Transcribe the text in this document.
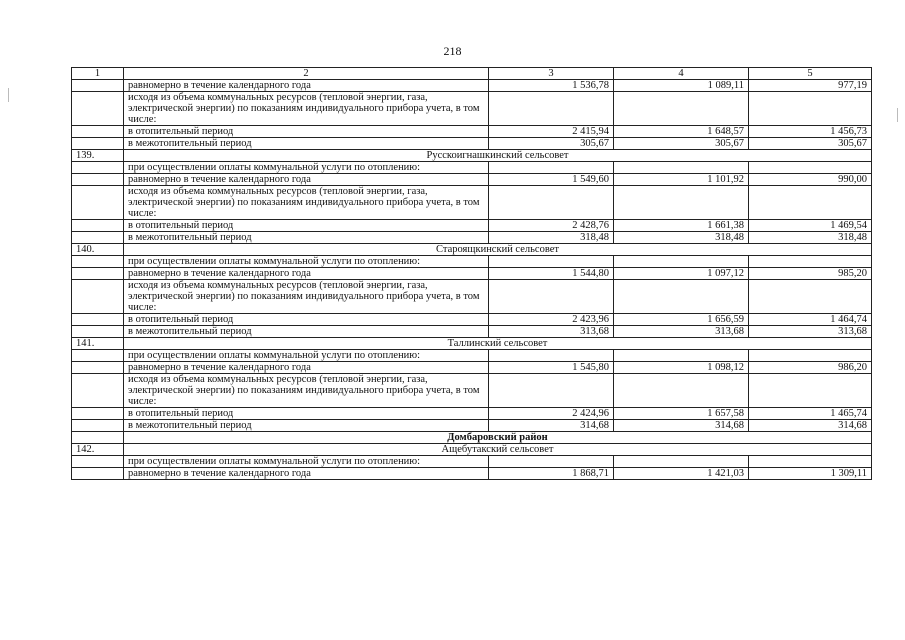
218
1	2	3	4	5
	равномерно в течение календарного года	1 536,78	1 089,11	977,19
	исходя из объема коммунальных ресурсов (тепловой энергии, газа, электрической энергии) по показаниям индивидуального прибора учета, в том числе:			
	в отопительный период	2 415,94	1 648,57	1 456,73
	в межотопительный период	305,67	305,67	305,67
139.	Русскоигнашкинский сельсовет			
	при осуществлении оплаты коммунальной услуги по отоплению:			
	равномерно в течение календарного года	1 549,60	1 101,92	990,00
	исходя из объема коммунальных ресурсов (тепловой энергии, газа, электрической энергии) по показаниям индивидуального прибора учета, в том числе:			
	в отопительный период	2 428,76	1 661,38	1 469,54
	в межотопительный период	318,48	318,48	318,48
140.	Староящкинский сельсовет			
	при осуществлении оплаты коммунальной услуги по отоплению:			
	равномерно в течение календарного года	1 544,80	1 097,12	985,20
	исходя из объема коммунальных ресурсов (тепловой энергии, газа, электрической энергии) по показаниям индивидуального прибора учета, в том числе:			
	в отопительный период	2 423,96	1 656,59	1 464,74
	в межотопительный период	313,68	313,68	313,68
141.	Таллинский сельсовет			
	при осуществлении оплаты коммунальной услуги по отоплению:			
	равномерно в течение календарного года	1 545,80	1 098,12	986,20
	исходя из объема коммунальных ресурсов (тепловой энергии, газа, электрической энергии) по показаниям индивидуального прибора учета, в том числе:			
	в отопительный период	2 424,96	1 657,58	1 465,74
	в межотопительный период	314,68	314,68	314,68
	Домбаровский район			
142.	Ащебутакский сельсовет			
	при осуществлении оплаты коммунальной услуги по отоплению:			
	равномерно в течение календарного года	1 868,71	1 421,03	1 309,11
